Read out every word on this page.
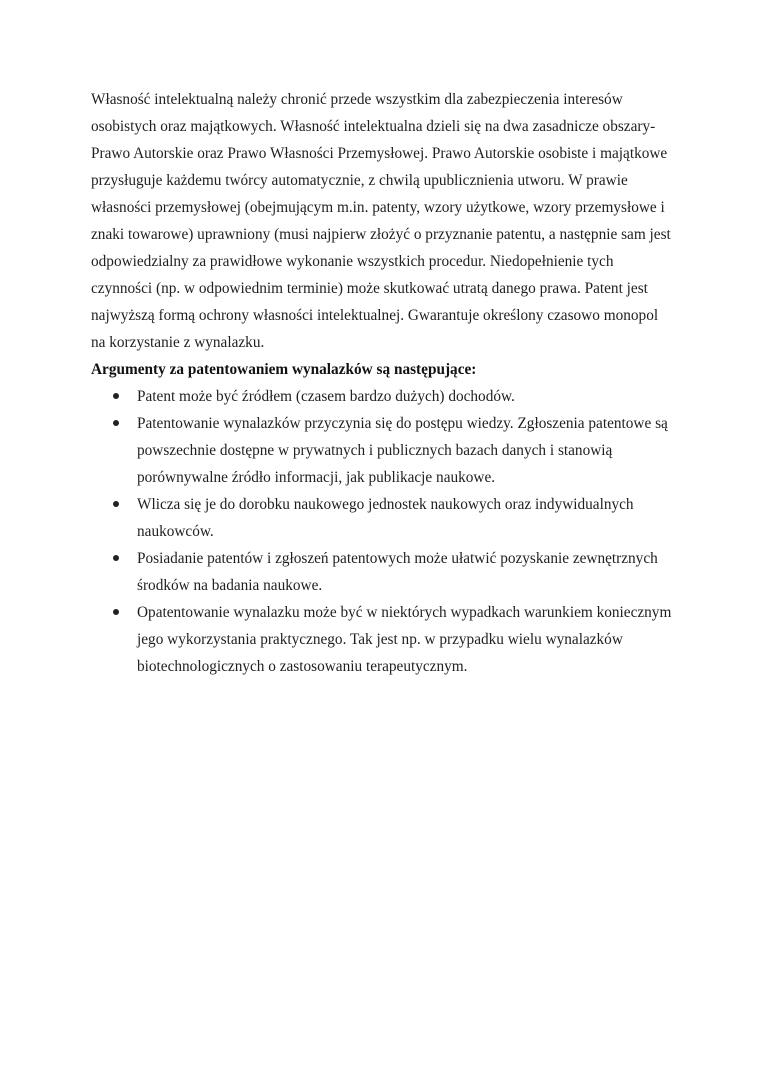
Własność intelektualną należy chronić przede wszystkim dla zabezpieczenia interesów osobistych oraz majątkowych. Własność intelektualna dzieli się na dwa zasadnicze obszary- Prawo Autorskie oraz Prawo Własności Przemysłowej. Prawo Autorskie osobiste i majątkowe przysługuje każdemu twórcy automatycznie, z chwilą upublicznienia utworu. W prawie własności przemysłowej (obejmującym m.in. patenty, wzory użytkowe, wzory przemysłowe i znaki towarowe) uprawniony (musi najpierw złożyć o przyznanie patentu, a następnie sam jest odpowiedzialny za prawidłowe wykonanie wszystkich procedur. Niedopełnienie tych czynności (np. w odpowiednim terminie) może skutkować utratą danego prawa. Patent jest najwyższą formą ochrony własności intelektualnej. Gwarantuje określony czasowo monopol na korzystanie z wynalazku.

Argumenty za patentowaniem wynalazków są następujące:

Patent może być źródłem (czasem bardzo dużych) dochodów.
Patentowanie wynalazków przyczynia się do postępu wiedzy. Zgłoszenia patentowe są powszechnie dostępne w prywatnych i publicznych bazach danych i stanowią porównywalne źródło informacji, jak publikacje naukowe.
Wlicza się je do dorobku naukowego jednostek naukowych oraz indywidualnych naukowców.
Posiadanie patentów i zgłoszeń patentowych może ułatwić pozyskanie zewnętrznych środków na badania naukowe.
Opatentowanie wynalazku może być w niektórych wypadkach warunkiem koniecznym jego wykorzystania praktycznego. Tak jest np. w przypadku wielu wynalazków biotechnologicznych o zastosowaniu terapeutycznym.
